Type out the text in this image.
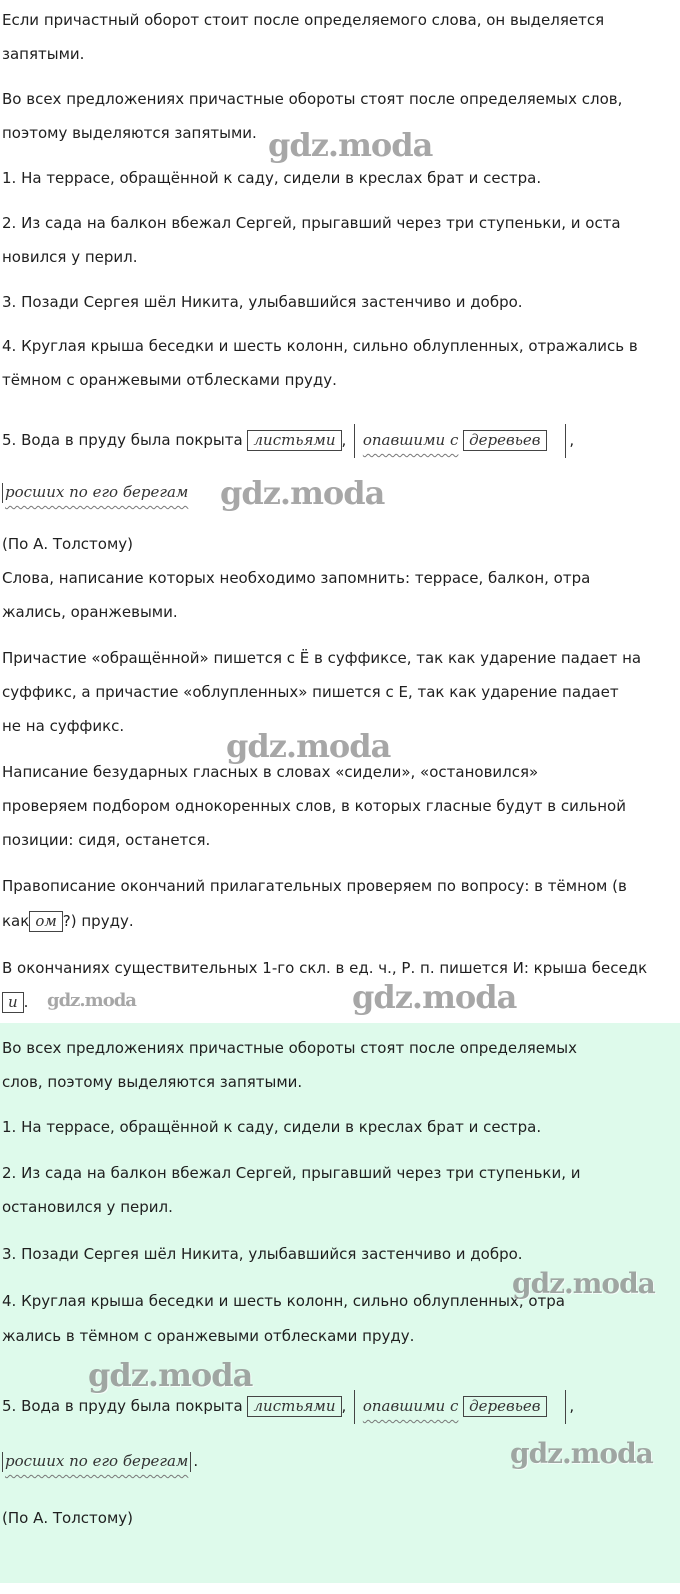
Если причастный оборот стоит после определяемого слова, он выделяется

запятыми.

Во всех предложениях причастные обороты стоят после определяемых слов,

поэтому выделяются запятыми.

1. На террасе, обращённой к саду, сидели в креслах брат и сестра.

2. Из сада на балкон вбежал Сергей, прыгавший через три ступеньки, и оста

новился у перил.

3. Позади Сергея шёл Никита, улыбавшийся застенчиво и добро.

4. Круглая крыша беседки и шесть колонн, сильно облупленных, отражались в

тёмном с оранжевыми отблесками пруду.

5. Вода в пруду была покрыта листьями , опавшими с деревьев ,
росших по его берегам

(По А. Толстому)

Слова, написание которых необходимо запомнить: террасе, балкон, отра

жались, оранжевыми.

Причастие «обращённой» пишется с Ё в суффиксе, так как ударение падает на

суффикс, а причастие «облупленных» пишется с Е, так как ударение падает

не на суффикс.

Написание безударных гласных в словах «сидели», «остановился»

проверяем подбором однокоренных слов, в которых гласные будут в сильной

позиции: сидя, останется.

Правописание окончаний прилагательных проверяем по вопросу: в тёмном (в

как ом ?) пруду.

В окончаниях существительных 1-го скл. в ед. ч., Р. п. пишется И: крыша беседк

и .

Во всех предложениях причастные обороты стоят после определяемых

слов, поэтому выделяются запятыми.

1. На террасе, обращённой к саду, сидели в креслах брат и сестра.

2. Из сада на балкон вбежал Сергей, прыгавший через три ступеньки, и

остановился у перил.

3. Позади Сергея шёл Никита, улыбавшийся застенчиво и добро.

4. Круглая крыша беседки и шесть колонн, сильно облупленных, отра

жались в тёмном с оранжевыми отблесками пруду.

5. Вода в пруду была покрыта листьями , опавшими с деревьев ,
росших по его берегам .

(По А. Толстому)

gdz.moda
gdz.moda
gdz.moda
gdz.moda	gdz.moda
gdz.moda
gdz.moda
gdz.moda
